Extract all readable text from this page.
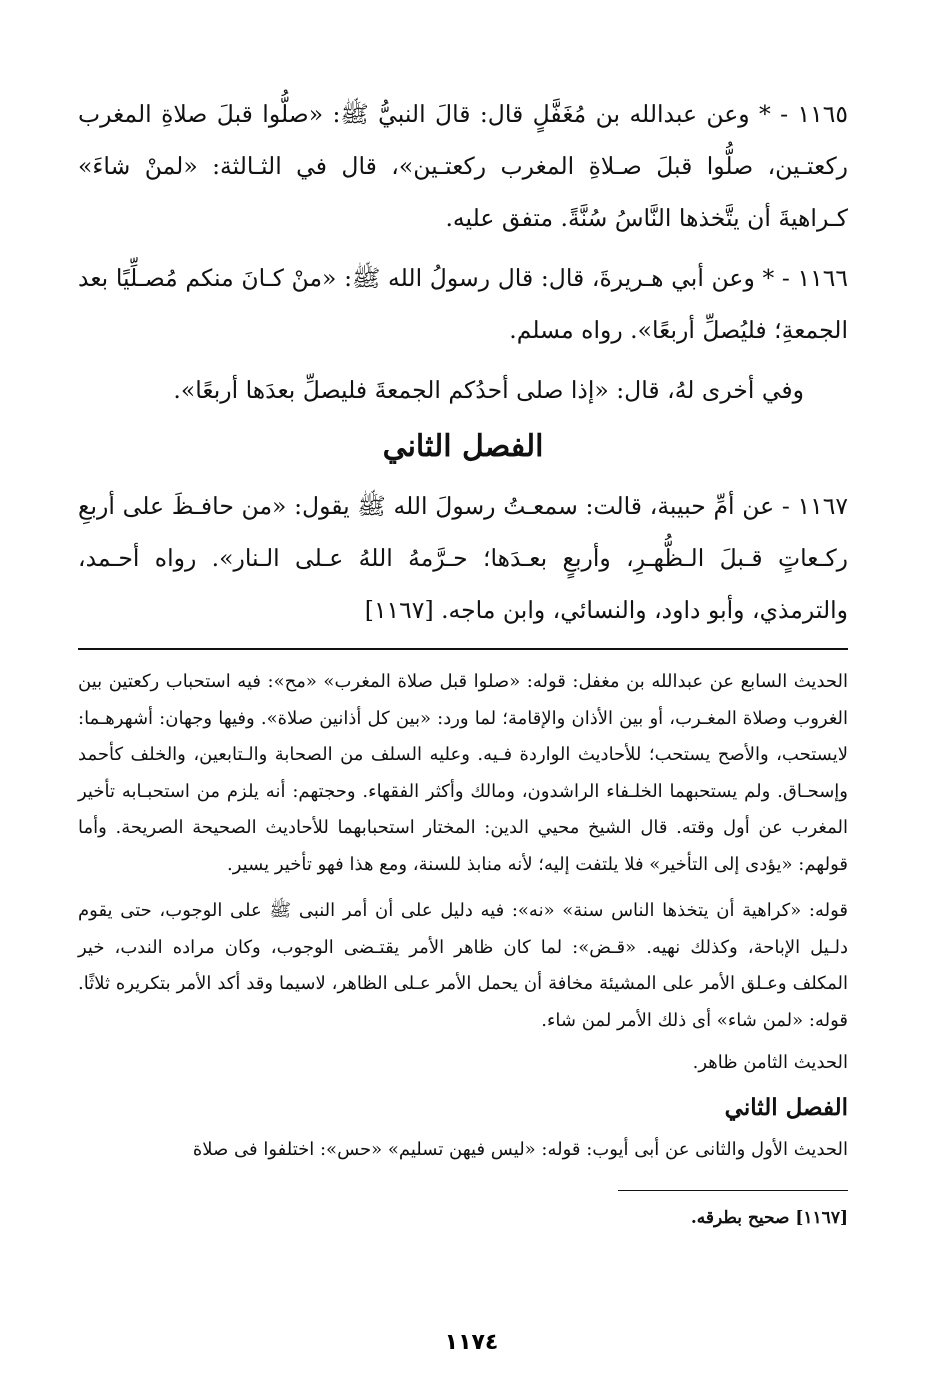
١١٦٥ - * وعن عبدالله بن مُغَفَّلٍ قال: قالَ النبيُّ ﷺ: «صلُّوا قبلَ صلاةِ المغرب ركعتـين، صلُّوا قبلَ صـلاةِ المغرب ركعتـين»، قال في الثـالثة: «لمنْ شاءَ» كـراهيةَ أن يتَّخذها النَّاسُ سُنَّةً. متفق عليه.

١١٦٦ - * وعن أبي هـريرةَ، قال: قال رسولُ الله ﷺ: «منْ كـانَ منكم مُصـلِّيًا بعد الجمعةِ؛ فليُصلِّ أربعًا». رواه مسلم.

وفي أخرى لهُ، قال: «إذا صلى أحدُكم الجمعةَ فليصلِّ بعدَها أربعًا».

الفصل الثاني

١١٦٧ - عن أمِّ حبيبة، قالت: سمعـتُ رسولَ الله ﷺ يقول: «من حافـظَ على أربعِ ركـعاتٍ قـبلَ الـظُّهـرِ، وأربعٍ بعـدَها؛ حـرَّمهُ اللهُ عـلى الـنار». رواه أحـمد، والترمذي، وأبو داود، والنسائي، وابن ماجه. [١١٦٧]

الحديث السابع عن عبدالله بن مغفل: قوله: «صلوا قبل صلاة المغرب» «مح»: فيه استحباب ركعتين بين الغروب وصلاة المغـرب، أو بين الأذان والإقامة؛ لما ورد: «بين كل أذانين صلاة». وفيها وجهان: أشهرهـما: لايستحب، والأصح يستحب؛ للأحاديث الواردة فـيه. وعليه السلف من الصحابة والـتابعين، والخلف كأحمد وإسحـاق. ولم يستحبهما الخلـفاء الراشدون، ومالك وأكثر الفقهاء. وحجتهم: أنه يلزم من استحبـابه تأخير المغرب عن أول وقته. قال الشيخ محيي الدين: المختار استحبابهما للأحاديث الصحيحة الصريحة. وأما قولهم: «يؤدى إلى التأخير» فلا يلتفت إليه؛ لأنه منابذ للسنة، ومع هذا فهو تأخير يسير.

قوله: «كراهية أن يتخذها الناس سنة» «نه»: فيه دليل على أن أمر النبى ﷺ على الوجوب، حتى يقوم دلـيل الإباحة، وكذلك نهيه. «قـض»: لما كان ظاهر الأمر يقتـضى الوجوب، وكان مراده الندب، خير المكلف وعـلق الأمر على المشيئة مخافة أن يحمل الأمر عـلى الظاهر، لاسيما وقد أكد الأمر بتكريره ثلاثًا. قوله: «لمن شاء» أى ذلك الأمر لمن شاء.

الحديث الثامن ظاهر.

الفصل الثاني

الحديث الأول والثانى عن أبى أيوب: قوله: «ليس فيهن تسليم» «حس»: اختلفوا فى صلاة

[١١٦٧] صحيح بطرقه.

١١٧٤
